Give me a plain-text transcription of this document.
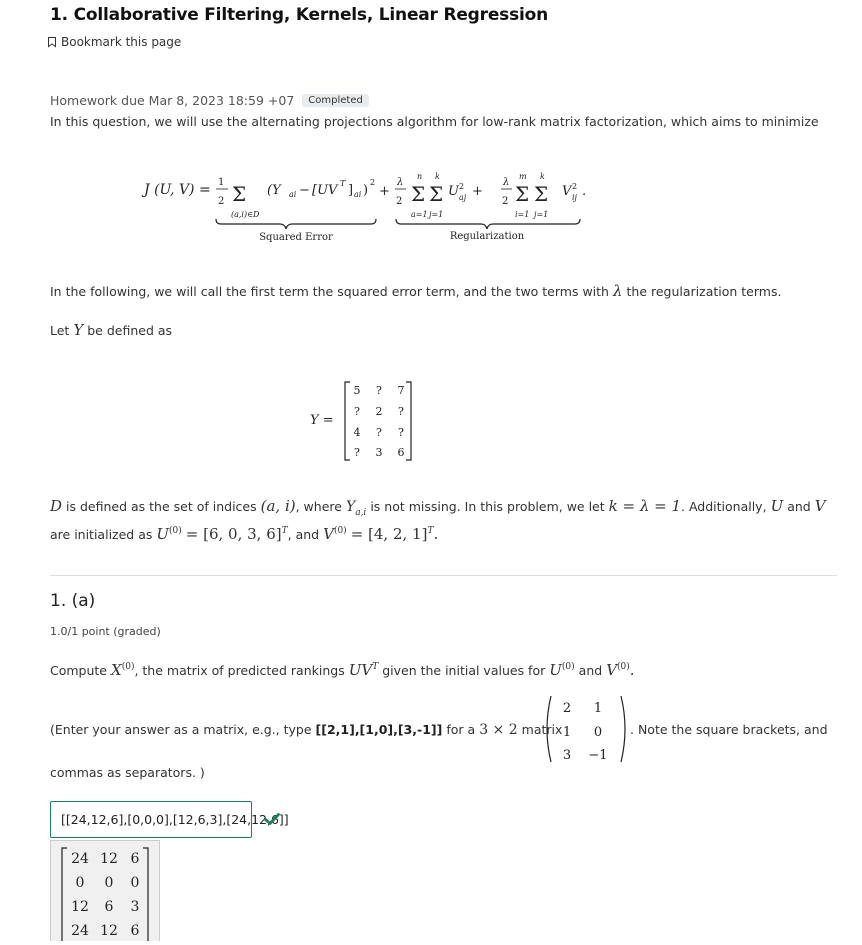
1. Collaborative Filtering, Kernels, Linear Regression
Bookmark this page
Homework due Mar 8, 2023 18:59 +07	Completed
In this question, we will use the alternating projections algorithm for low-rank matrix factorization, which aims to minimize
J (U, V) = 1
2 Σ
(a,i)∈D
(Y ai − [UV T ] ai )
2
+
λ
2 Σ
n
a=1
Σ
k
j=1
U 2
aj +
λ
2 Σ
m
i=1
Σ
k
j=1
V 2
ij .
Squared Error	Regularization
In the following, we will call the first term the squared error term, and the two terms with λ the regularization terms.
Let Y be defined as
Y =
5 ? 7
? 2 ?
4 ? ?
? 3 6
D is defined as the set of indices (a, i) , where $Y_{a,i}$ is not missing. In this problem, we let k = λ = 1 . Additionally, U and V
are initialized as $U^{(0)} = [6$, 0, 3, 6]$^T$ , and $V^{(0)} = [4$, 2, 1]$^T$.
1. (a)
1.0/1 point (graded)
Compute $X^{(0)}$ , the matrix of predicted rankings $UV^T$ given the initial values for $U^{(0)}$ and $V^{(0)}$.
(Enter your answer as a matrix, e.g., type [[2,1],[1,0],[3,-1]] for a 3 × 2 matrix
2 1
1 0
3 −1
. Note the square brackets, and
commas as separators. )
[[24,12,6],[0,0,0],[12,6,3],[24,12,6]]
24 12 6
0 0 0
12 6 3
24 12 6
